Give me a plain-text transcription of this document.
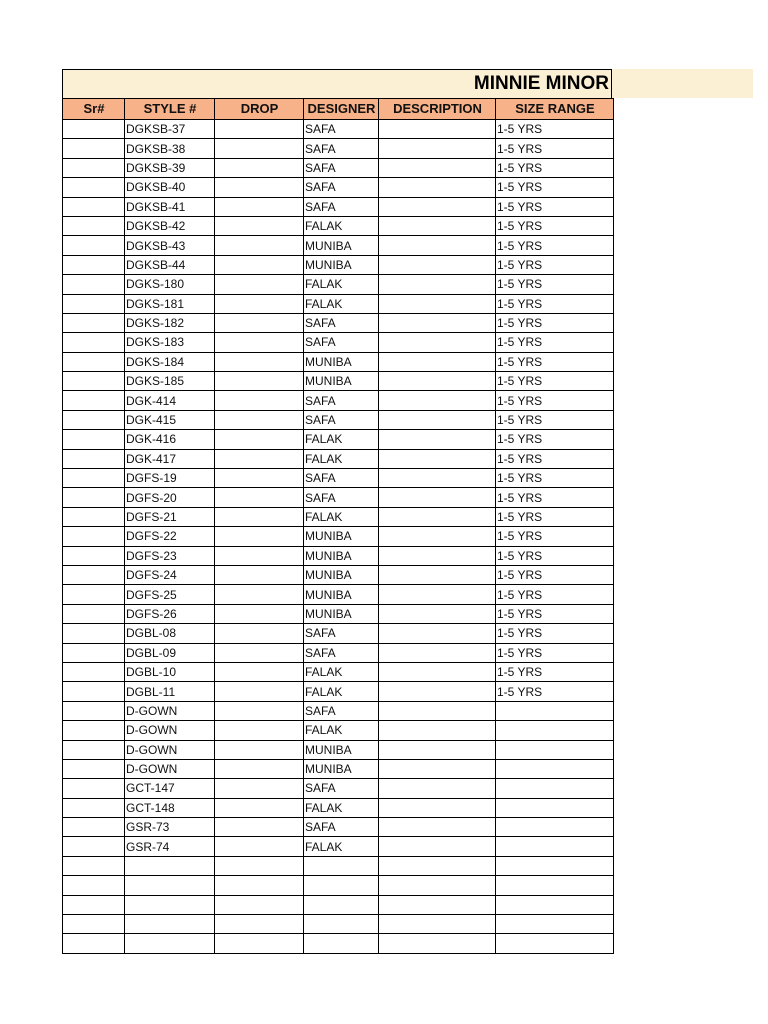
MINNIE MINOR
Sr#	STYLE #	DROP	DESIGNER	DESCRIPTION	SIZE RANGE
	DGKSB-37		SAFA		1-5 YRS
	DGKSB-38		SAFA		1-5 YRS
	DGKSB-39		SAFA		1-5 YRS
	DGKSB-40		SAFA		1-5 YRS
	DGKSB-41		SAFA		1-5 YRS
	DGKSB-42		FALAK		1-5 YRS
	DGKSB-43		MUNIBA		1-5 YRS
	DGKSB-44		MUNIBA		1-5 YRS
	DGKS-180		FALAK		1-5 YRS
	DGKS-181		FALAK		1-5 YRS
	DGKS-182		SAFA		1-5 YRS
	DGKS-183		SAFA		1-5 YRS
	DGKS-184		MUNIBA		1-5 YRS
	DGKS-185		MUNIBA		1-5 YRS
	DGK-414		SAFA		1-5 YRS
	DGK-415		SAFA		1-5 YRS
	DGK-416		FALAK		1-5 YRS
	DGK-417		FALAK		1-5 YRS
	DGFS-19		SAFA		1-5 YRS
	DGFS-20		SAFA		1-5 YRS
	DGFS-21		FALAK		1-5 YRS
	DGFS-22		MUNIBA		1-5 YRS
	DGFS-23		MUNIBA		1-5 YRS
	DGFS-24		MUNIBA		1-5 YRS
	DGFS-25		MUNIBA		1-5 YRS
	DGFS-26		MUNIBA		1-5 YRS
	DGBL-08		SAFA		1-5 YRS
	DGBL-09		SAFA		1-5 YRS
	DGBL-10		FALAK		1-5 YRS
	DGBL-11		FALAK		1-5 YRS
	D-GOWN		SAFA		
	D-GOWN		FALAK		
	D-GOWN		MUNIBA		
	D-GOWN		MUNIBA		
	GCT-147		SAFA		
	GCT-148		FALAK		
	GSR-73		SAFA		
	GSR-74		FALAK		
